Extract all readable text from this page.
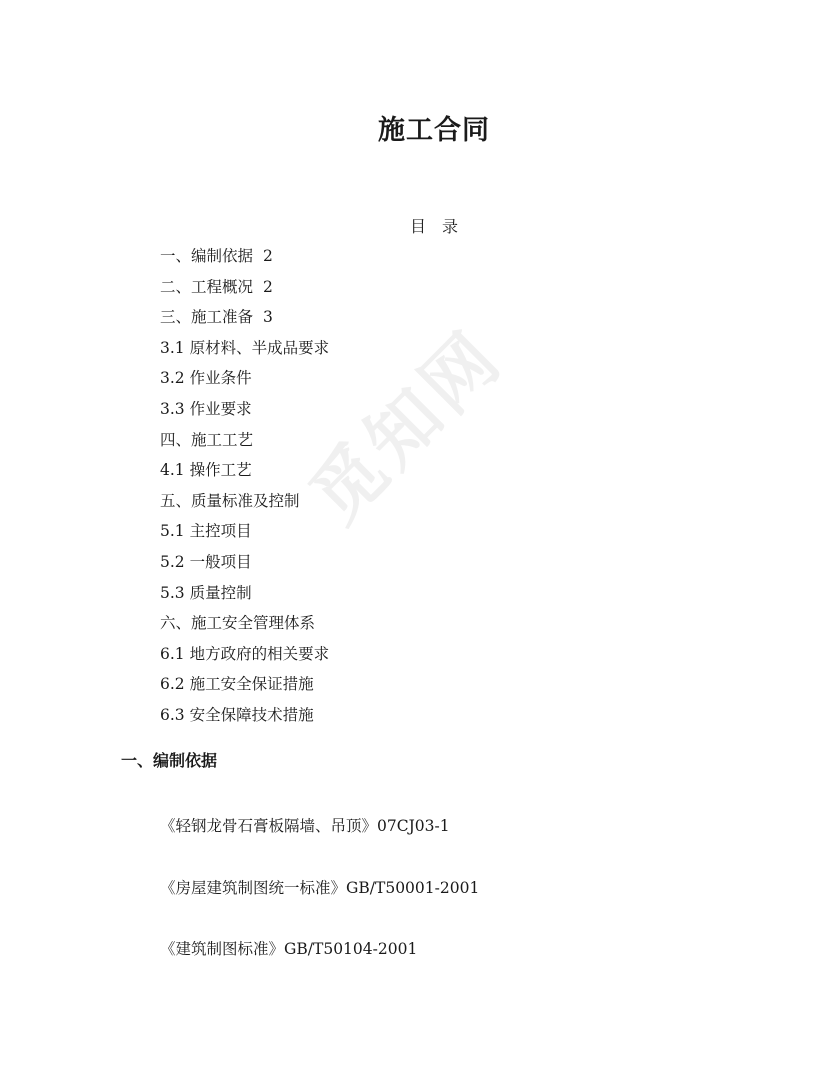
觅知网
施工合同
目　录
一、编制依据 2
二、工程概况 2
三、施工准备 3
3.1 原材料、半成品要求
3.2 作业条件
3.3 作业要求
四、施工工艺
4.1 操作工艺
五、质量标准及控制
5.1 主控项目
5.2 一般项目
5.3 质量控制
六、施工安全管理体系
6.1 地方政府的相关要求
6.2 施工安全保证措施
6.3 安全保障技术措施
一、编制依据
《轻钢龙骨石膏板隔墙、吊顶》07CJ03-1
《房屋建筑制图统一标准》GB/T50001-2001
《建筑制图标准》GB/T50104-2001
